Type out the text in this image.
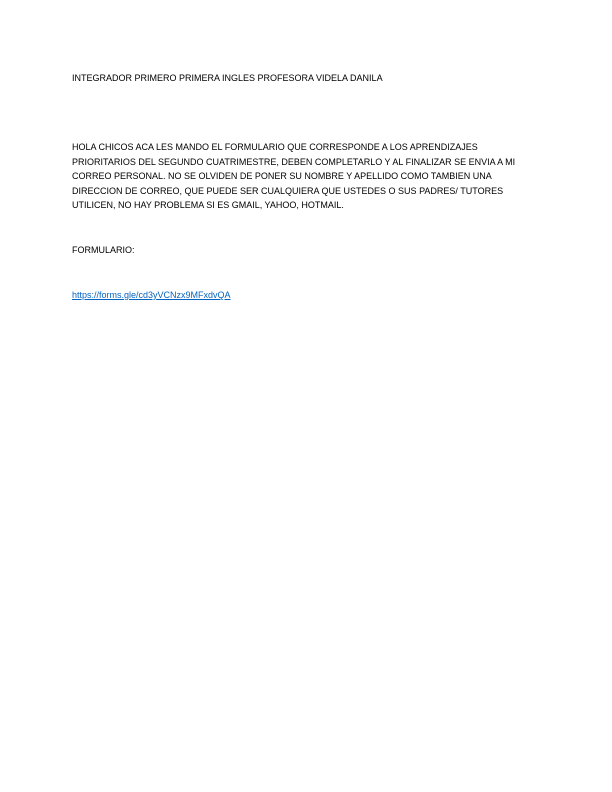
INTEGRADOR PRIMERO PRIMERA INGLES PROFESORA VIDELA DANILA
HOLA CHICOS ACA LES MANDO EL FORMULARIO QUE CORRESPONDE A LOS APRENDIZAJES
PRIORITARIOS DEL SEGUNDO CUATRIMESTRE, DEBEN COMPLETARLO Y AL FINALIZAR SE ENVIA A MI
CORREO PERSONAL. NO SE OLVIDEN DE PONER SU NOMBRE Y APELLIDO COMO TAMBIEN UNA
DIRECCION DE CORREO, QUE PUEDE SER CUALQUIERA QUE USTEDES O SUS PADRES/ TUTORES
UTILICEN, NO HAY PROBLEMA SI ES GMAIL, YAHOO, HOTMAIL.
FORMULARIO:
https://forms.gle/cd3yVCNzx9MFxdvQA
